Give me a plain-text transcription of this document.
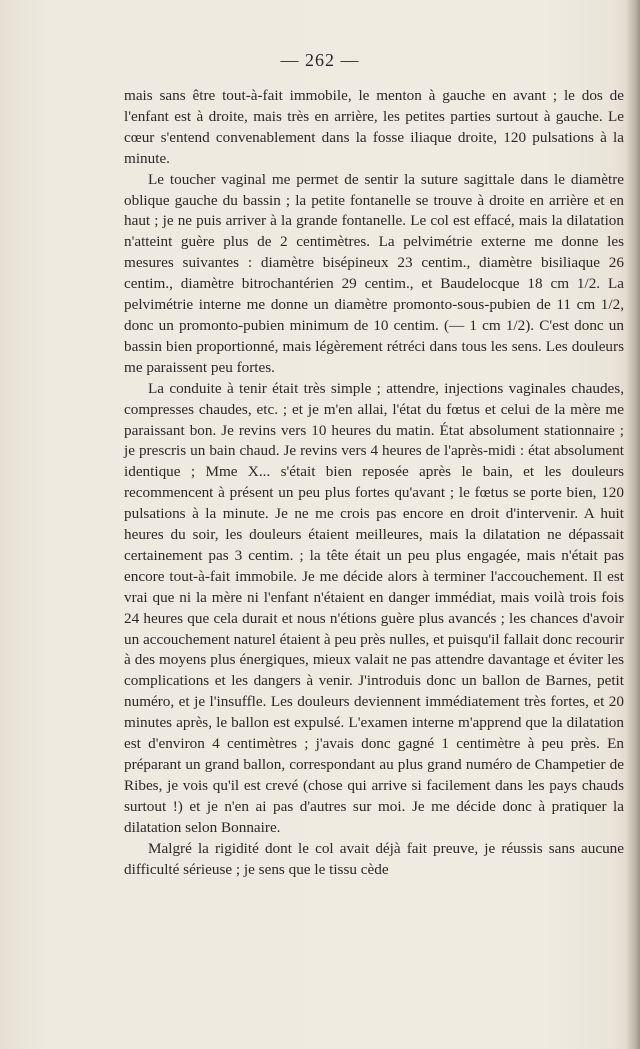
— 262 —

mais sans être tout-à-fait immobile, le menton à gauche en avant ; le dos de l'enfant est à droite, mais très en arrière, les petites parties surtout à gauche. Le cœur s'entend convenablement dans la fosse iliaque droite, 120 pulsations à la minute.

Le toucher vaginal me permet de sentir la suture sagittale dans le diamètre oblique gauche du bassin ; la petite fontanelle se trouve à droite en arrière et en haut ; je ne puis arriver à la grande fontanelle. Le col est effacé, mais la dilatation n'atteint guère plus de 2 centimètres. La pelvimétrie externe me donne les mesures suivantes : diamètre bisépineux 23 centim., diamètre bisiliaque 26 centim., diamètre bitrochantérien 29 centim., et Baudelocque 18 cm 1/2. La pelvimétrie interne me donne un diamètre promonto-sous-pubien de 11 cm 1/2, donc un promonto-pubien minimum de 10 centim. (— 1 cm 1/2). C'est donc un bassin bien proportionné, mais légèrement rétréci dans tous les sens. Les douleurs me paraissent peu fortes.

La conduite à tenir était très simple ; attendre, injections vaginales chaudes, compresses chaudes, etc. ; et je m'en allai, l'état du fœtus et celui de la mère me paraissant bon. Je revins vers 10 heures du matin. État absolument stationnaire ; je prescris un bain chaud. Je revins vers 4 heures de l'après-midi : état absolument identique ; Mme X... s'était bien reposée après le bain, et les douleurs recommencent à présent un peu plus fortes qu'avant ; le fœtus se porte bien, 120 pulsations à la minute. Je ne me crois pas encore en droit d'intervenir. A huit heures du soir, les douleurs étaient meilleures, mais la dilatation ne dépassait certainement pas 3 centim. ; la tête était un peu plus engagée, mais n'était pas encore tout-à-fait immobile. Je me décide alors à terminer l'accouchement. Il est vrai que ni la mère ni l'enfant n'étaient en danger immédiat, mais voilà trois fois 24 heures que cela durait et nous n'étions guère plus avancés ; les chances d'avoir un accouchement naturel étaient à peu près nulles, et puisqu'il fallait donc recourir à des moyens plus énergiques, mieux valait ne pas attendre davantage et éviter les complications et les dangers à venir. J'introduis donc un ballon de Barnes, petit numéro, et je l'insuffle. Les douleurs deviennent immédiatement très fortes, et 20 minutes après, le ballon est expulsé. L'examen interne m'apprend que la dilatation est d'environ 4 centimètres ; j'avais donc gagné 1 centimètre à peu près. En préparant un grand ballon, correspondant au plus grand numéro de Champetier de Ribes, je vois qu'il est crevé (chose qui arrive si facilement dans les pays chauds surtout !) et je n'en ai pas d'autres sur moi. Je me décide donc à pratiquer la dilatation selon Bonnaire.

Malgré la rigidité dont le col avait déjà fait preuve, je réussis sans aucune difficulté sérieuse ; je sens que le tissu cède
